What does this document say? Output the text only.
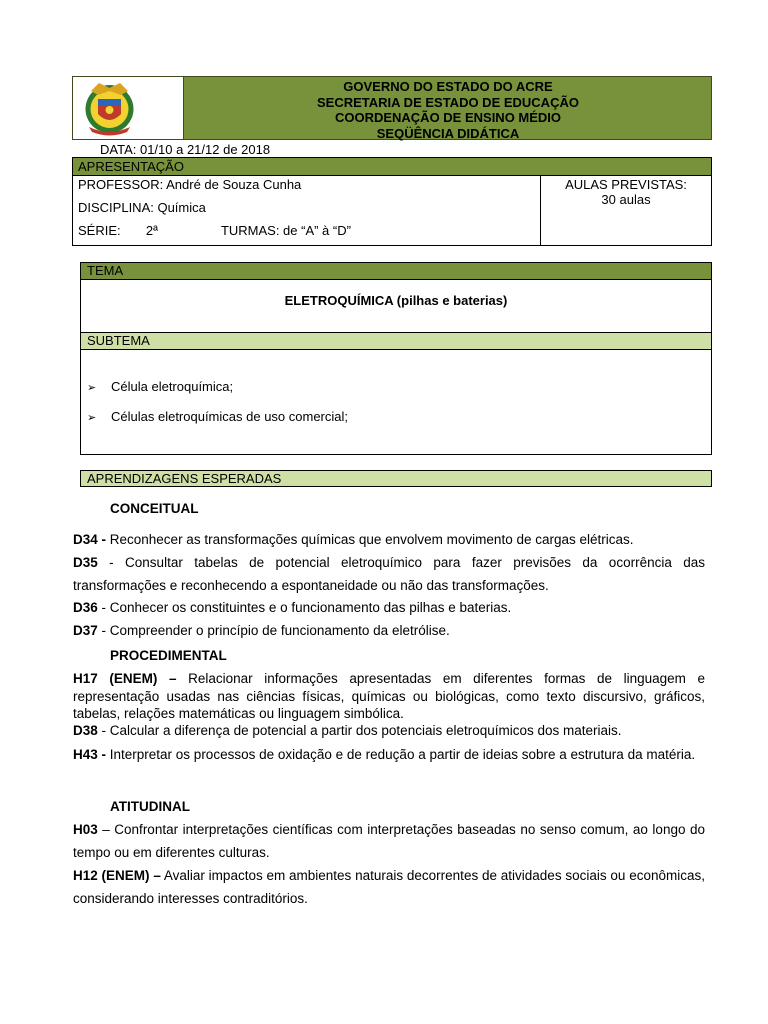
GOVERNO DO ESTADO DO ACRE
SECRETARIA DE ESTADO DE EDUCAÇÃO
COORDENAÇÃO DE ENSINO MÉDIO
SEQÜÊNCIA DIDÁTICA
DATA: 01/10 a 21/12 de 2018
APRESENTAÇÃO
PROFESSOR: André de Souza Cunha
DISCIPLINA: Química
SÉRIE: 2ª	TURMAS: de “A” à “D”
AULAS PREVISTAS:
30 aulas
TEMA
ELETROQUÍMICA (pilhas e baterias)
SUBTEMA
➢ Célula eletroquímica;
➢ Células eletroquímicas de uso comercial;
APRENDIZAGENS ESPERADAS
CONCEITUAL
D34 - Reconhecer as transformações químicas que envolvem movimento de cargas elétricas.
D35 - Consultar tabelas de potencial eletroquímico para fazer previsões da ocorrência das transformações e reconhecendo a espontaneidade ou não das transformações.
D36 - Conhecer os constituintes e o funcionamento das pilhas e baterias.
D37 - Compreender o princípio de funcionamento da eletrólise.
PROCEDIMENTAL
H17 (ENEM) – Relacionar informações apresentadas em diferentes formas de linguagem e representação usadas nas ciências físicas, químicas ou biológicas, como texto discursivo, gráficos, tabelas, relações matemáticas ou linguagem simbólica.
D38 - Calcular a diferença de potencial a partir dos potenciais eletroquímicos dos materiais.
H43 - Interpretar os processos de oxidação e de redução a partir de ideias sobre a estrutura da matéria.
ATITUDINAL
H03 – Confrontar interpretações científicas com interpretações baseadas no senso comum, ao longo do tempo ou em diferentes culturas.
H12 (ENEM) – Avaliar impactos em ambientes naturais decorrentes de atividades sociais ou econômicas, considerando interesses contraditórios.
